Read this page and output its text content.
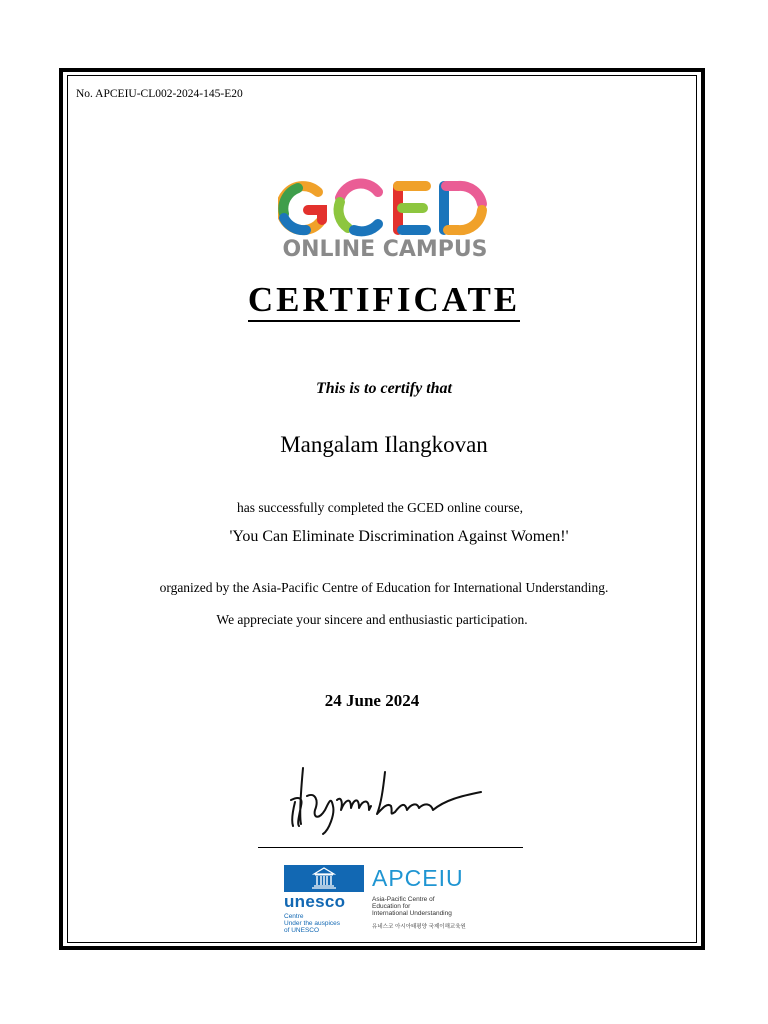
No. APCEIU-CL002-2024-145-E20
ONLINE CAMPUS
CERTIFICATE
This is to certify that
Mangalam Ilangkovan
has successfully completed the GCED online course,
'You Can Eliminate Discrimination Against Women!'
organized by the Asia-Pacific Centre of Education for International Understanding.
We appreciate your sincere and enthusiastic participation.
24 June 2024
unesco
Centre
Under the auspices
of UNESCO
APCEIU
Asia-Pacific Centre of
Education for
International Understanding
유네스코 아시아태평양 국제이해교육원
